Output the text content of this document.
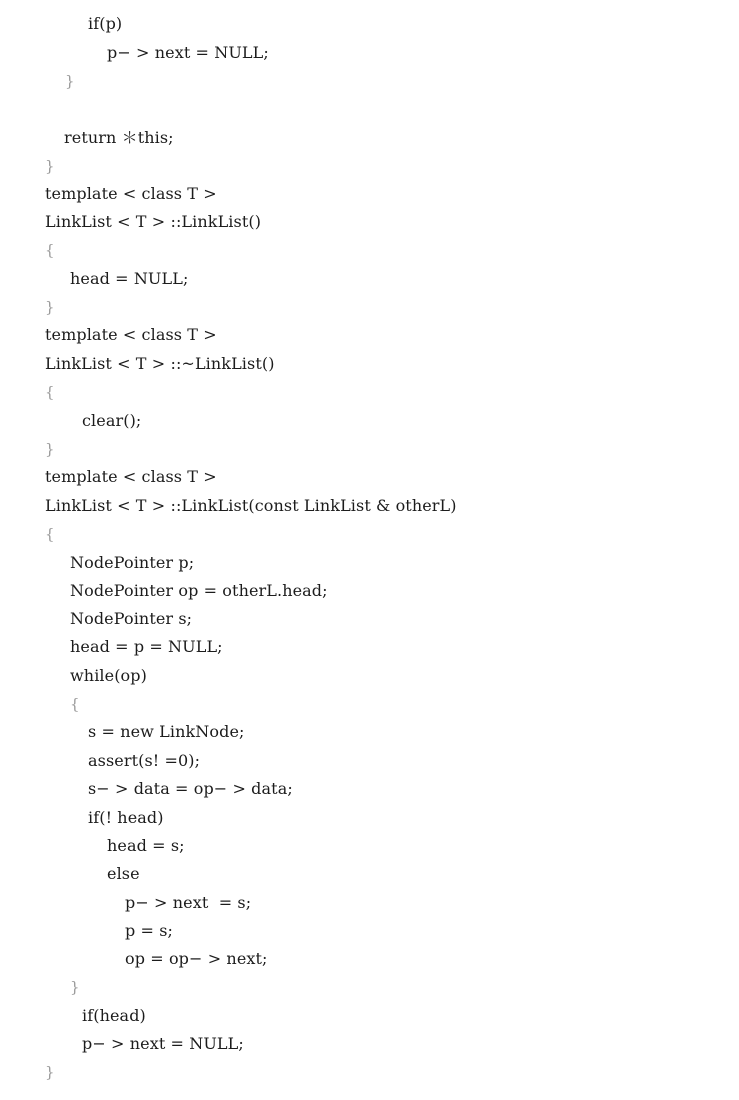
if(p)
p− > next = NULL;
}
return ＊this;
}
template < class T >
LinkList < T > ::LinkList()
{
head = NULL;
}
template < class T >
LinkList < T > ::~LinkList()
{
clear();
}
template < class T >
LinkList < T > ::LinkList(const LinkList & otherL)
{
NodePointer p;
NodePointer op = otherL.head;
NodePointer s;
head = p = NULL;
while(op)
{
s = new LinkNode;
assert(s! =0);
s− > data = op− > data;
if(! head)
head = s;
else
p− > next  = s;
p = s;
op = op− > next;
}
if(head)
p− > next = NULL;
}
